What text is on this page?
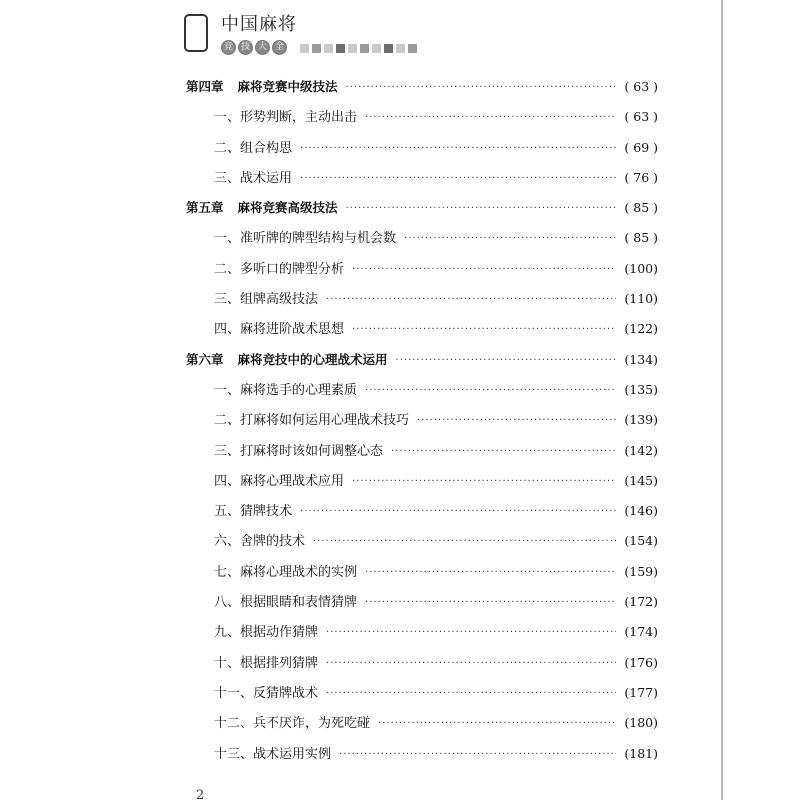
中国麻将
竞 技 大 全
第四章 麻将竞赛中级技法 ·····	( 63 )
一、形势判断，主动出击 ·····	( 63 )
二、组合构思 ·····	( 69 )
三、战术运用 ·····	( 76 )
第五章 麻将竞赛高级技法 ·····	( 85 )
一、准听牌的牌型结构与机会数 ·····	( 85 )
二、多听口的牌型分析 ·····	(100)
三、组牌高级技法 ·····	(110)
四、麻将进阶战术思想 ·····	(122)
第六章 麻将竞技中的心理战术运用 ·····	(134)
一、麻将选手的心理素质 ·····	(135)
二、打麻将如何运用心理战术技巧 ·····	(139)
三、打麻将时该如何调整心态 ·····	(142)
四、麻将心理战术应用 ·····	(145)
五、猜牌技术 ·····	(146)
六、舍牌的技术 ·····	(154)
七、麻将心理战术的实例 ·····	(159)
八、根据眼睛和表情猜牌 ·····	(172)
九、根据动作猜牌 ·····	(174)
十、根据排列猜牌 ·····	(176)
十一、反猜牌战术 ·····	(177)
十二、兵不厌诈，为死吃碰 ·····	(180)
十三、战术运用实例 ·····	(181)
2
